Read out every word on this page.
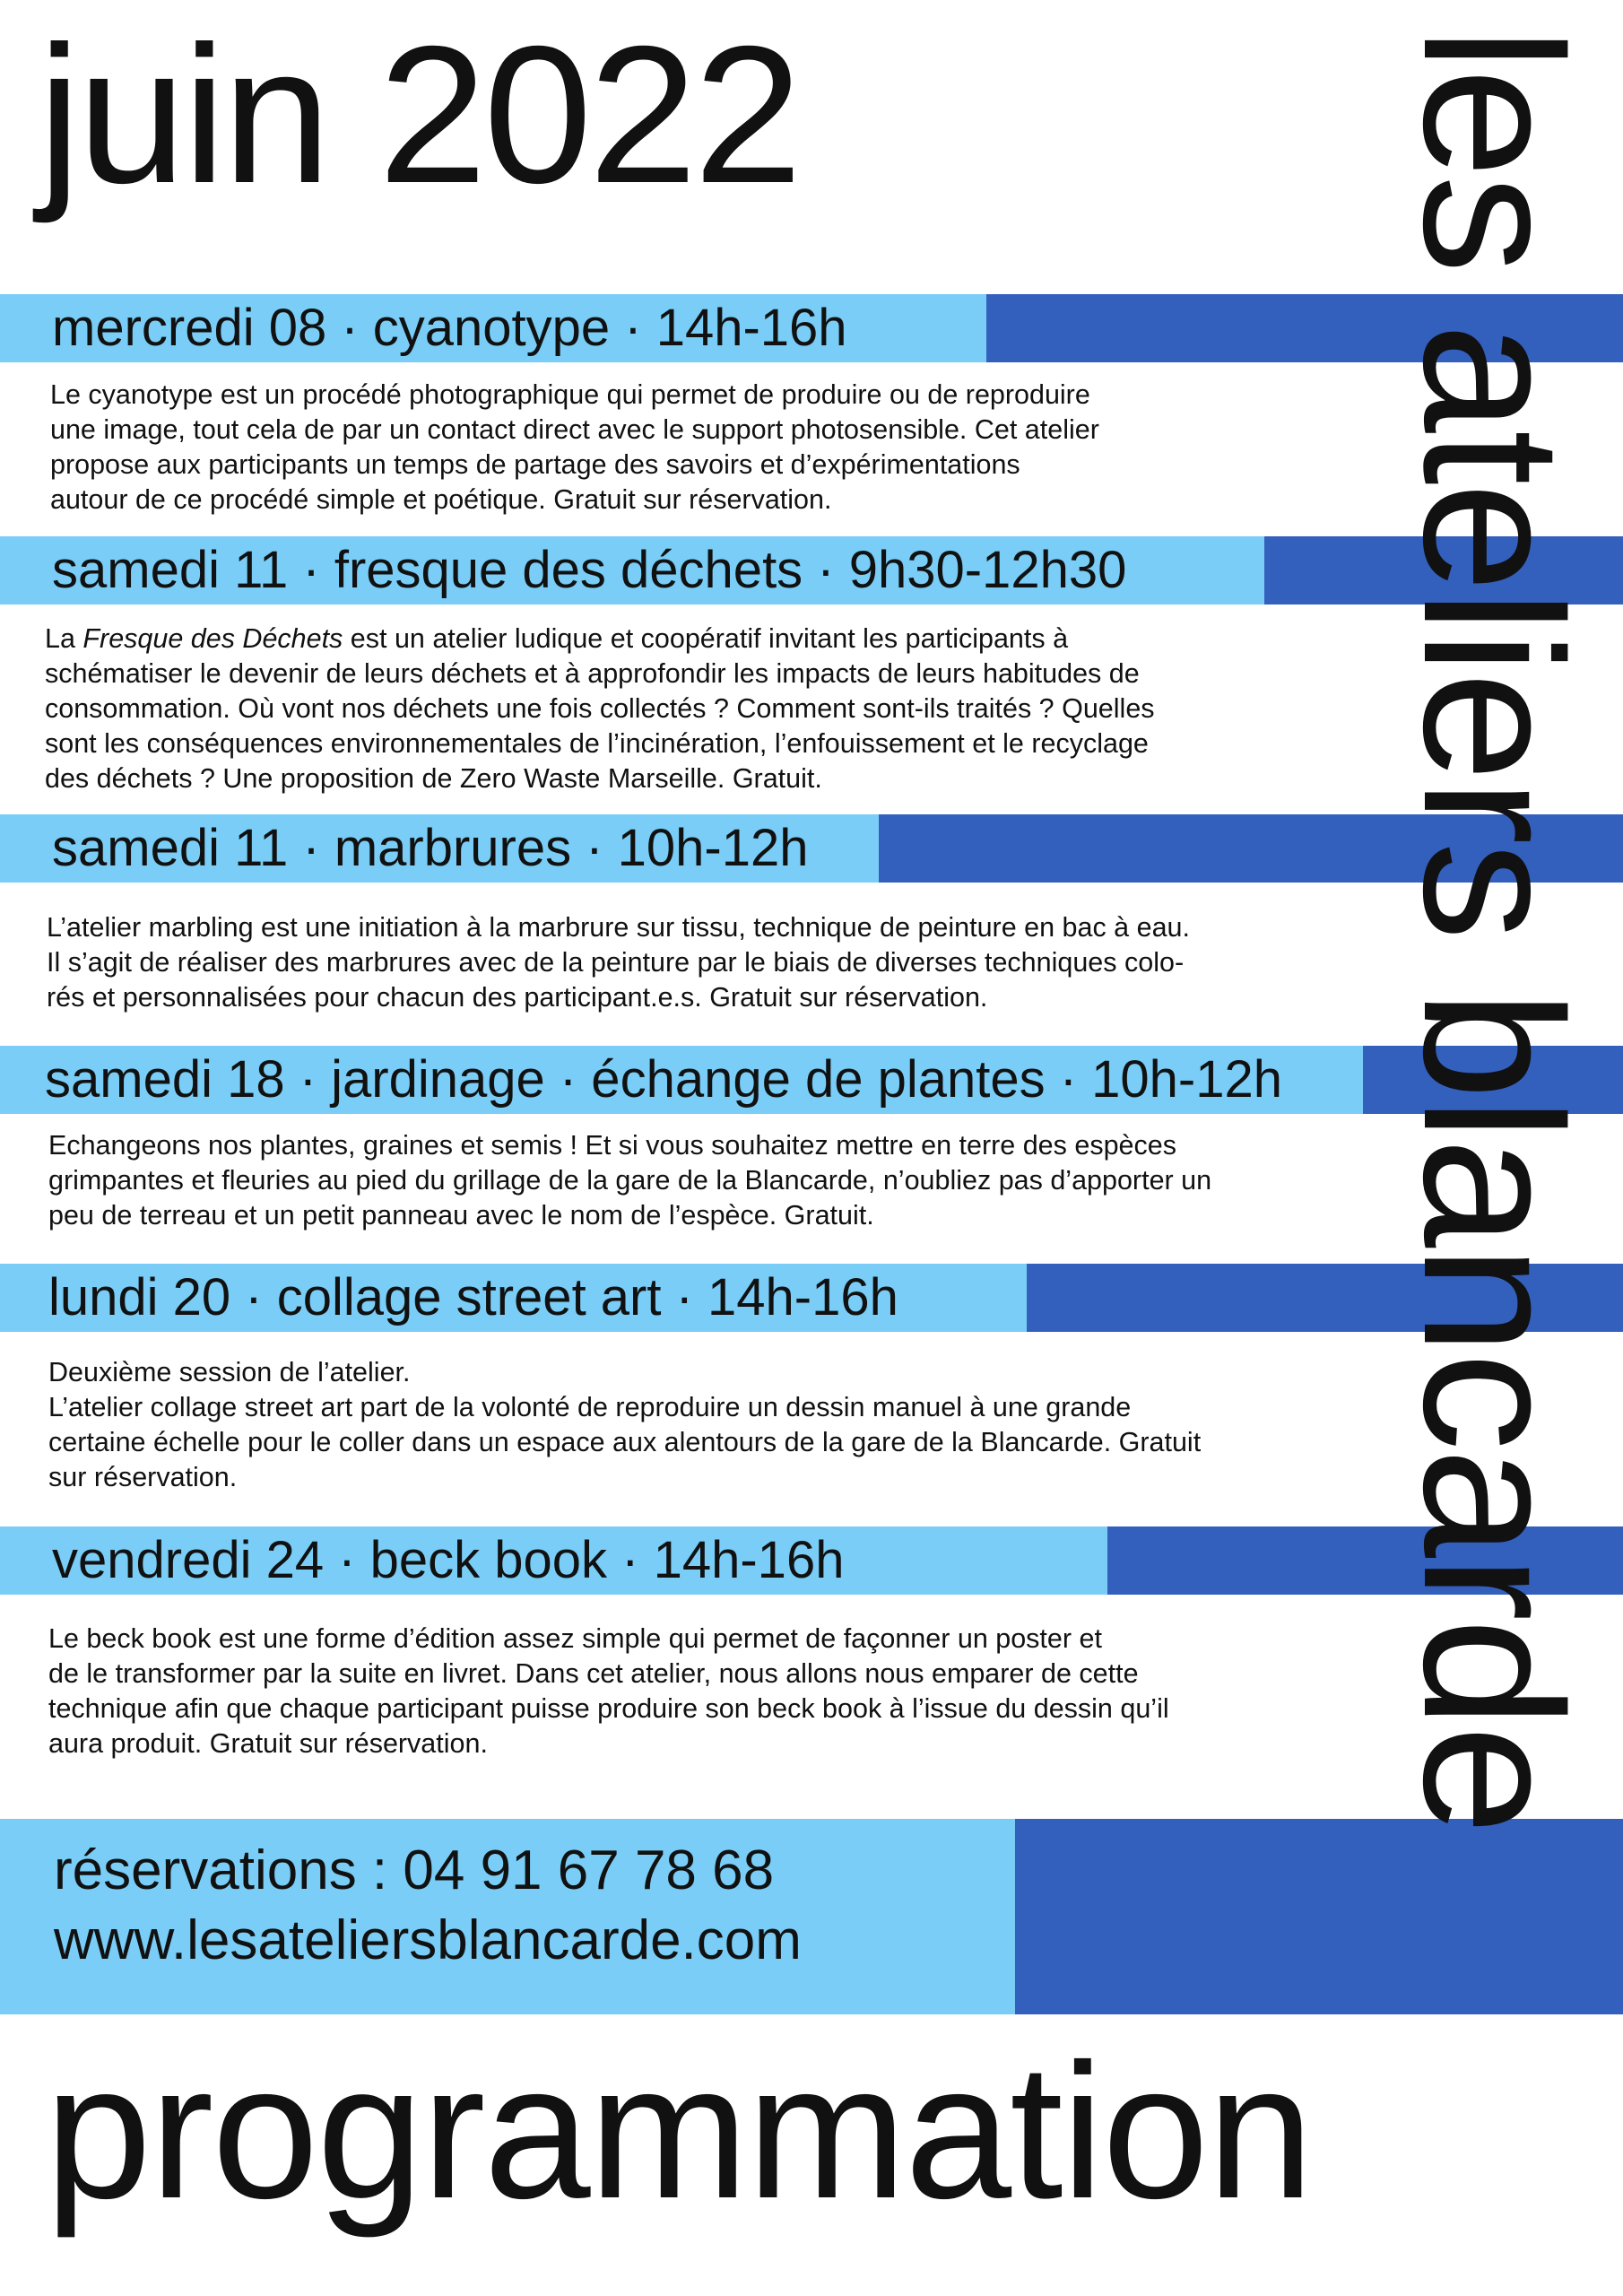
juin 2022	les ateliers blancarde
mercredi 08 · cyanotype · 14h-16h

Le cyanotype est un procédé photographique qui permet de produire ou de reproduire
une image, tout cela de par un contact direct avec le support photosensible. Cet atelier
propose aux participants un temps de partage des savoirs et d’expérimentations
autour de ce procédé simple et poétique. Gratuit sur réservation.

samedi 11 · fresque des déchets · 9h30-12h30

La Fresque des Déchets est un atelier ludique et coopératif invitant les participants à
schématiser le devenir de leurs déchets et à approfondir les impacts de leurs habitudes de
consommation. Où vont nos déchets une fois collectés ? Comment sont-ils traités ? Quelles
sont les conséquences environnementales de l’incinération, l’enfouissement et le recyclage
des déchets ? Une proposition de Zero Waste Marseille. Gratuit.

samedi 11 · marbrures · 10h-12h

L’atelier marbling est une initiation à la marbrure sur tissu, technique de peinture en bac à eau.
Il s’agit de réaliser des marbrures avec de la peinture par le biais de diverses techniques colo-
rés et personnalisées pour chacun des participant.e.s. Gratuit sur réservation.

samedi 18 · jardinage · échange de plantes · 10h-12h

Echangeons nos plantes, graines et semis ! Et si vous souhaitez mettre en terre des espèces
grimpantes et fleuries au pied du grillage de la gare de la Blancarde, n’oubliez pas d’apporter un
peu de terreau et un petit panneau avec le nom de l’espèce. Gratuit.

lundi 20 · collage street art · 14h-16h

Deuxième session de l’atelier.
L’atelier collage street art part de la volonté de reproduire un dessin manuel à une grande
certaine échelle pour le coller dans un espace aux alentours de la gare de la Blancarde. Gratuit
sur réservation.

vendredi 24 · beck book · 14h-16h

Le beck book est une forme d’édition assez simple qui permet de façonner un poster et
de le transformer par la suite en livret. Dans cet atelier, nous allons nous emparer de cette
technique afin que chaque participant puisse produire son beck book à l’issue du dessin qu’il
aura produit. Gratuit sur réservation.

réservations : 04 91 67 78 68
www.lesateliersblancarde.com
programmation
